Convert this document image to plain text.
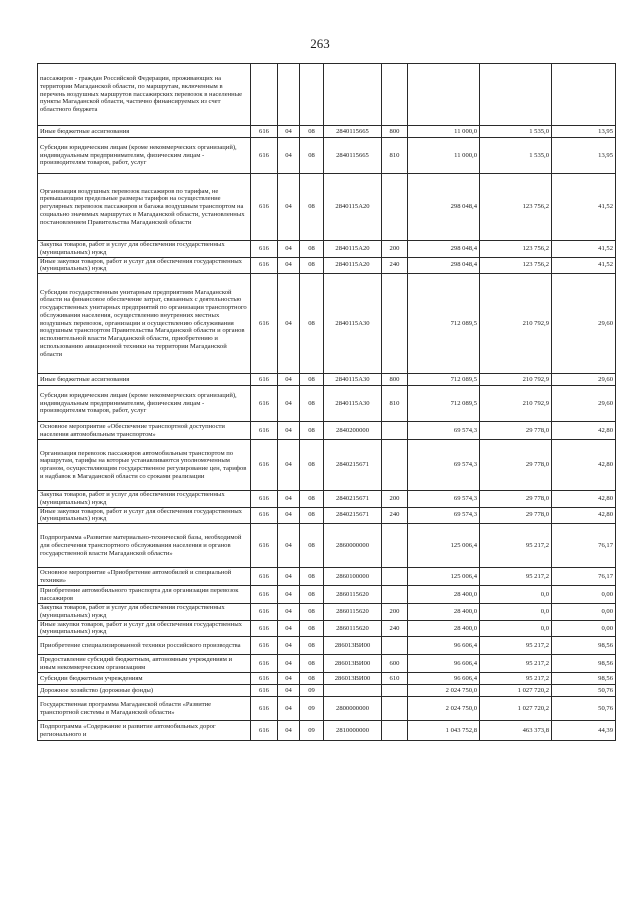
263
пассажиров - граждан Российской Федерации, проживающих на территории Магаданской области, по маршрутам, включенным в перечень воздушных маршрутов пассажирских перевозок в населенные пункты Магаданской области, частично финансируемых из счет областного бюджета								
Иные бюджетные ассигнования	616	04	08	2840115665	800	11 000,0	1 535,0	13,95
Субсидии юридическим лицам (кроме некоммерческих организаций), индивидуальным предпринимателям, физическим лицам - производителям товаров, работ, услуг	616	04	08	2840115665	810	11 000,0	1 535,0	13,95
Организация воздушных перевозок пассажиров по тарифам, не превышающим предельные размеры тарифов на осуществление регулярных перевозок пассажиров и багажа воздушным транспортом на социально значимых маршрутах в Магаданской области, установленных постановлением Правительства Магаданской области	616	04	08	2840115А20		298 048,4	123 756,2	41,52
Закупка товаров, работ и услуг для обеспечения государственных (муниципальных) нужд	616	04	08	2840115А20	200	298 048,4	123 756,2	41,52
Иные закупки товаров, работ и услуг для обеспечения государственных (муниципальных) нужд	616	04	08	2840115А20	240	298 048,4	123 756,2	41,52
Субсидии государственным унитарным предприятиям Магаданской области на финансовое обеспечение затрат, связанных с деятельностью государственных унитарных предприятий по организации транспортного обслуживания населения, осуществлению внутренних местных воздушных перевозок, организации и осуществлению обслуживания воздушным транспортом Правительства Магаданской области и органов исполнительной власти Магаданской области, приобретению и использованию авиационной техники на территории Магаданской области	616	04	08	2840115А30		712 089,5	210 792,9	29,60
Иные бюджетные ассигнования	616	04	08	2840115А30	800	712 089,5	210 792,9	29,60
Субсидии юридическим лицам (кроме некоммерческих организаций), индивидуальным предпринимателям, физическим лицам - производителям товаров, работ, услуг	616	04	08	2840115А30	810	712 089,5	210 792,9	29,60
Основное мероприятие «Обеспечение транспортной доступности населения автомобильным транспортом»	616	04	08	2840200000		69 574,3	29 778,0	42,80
Организация перевозок пассажиров автомобильным транспортом по маршрутам, тарифы на которые устанавливаются уполномоченным органом, осуществляющим государственное регулирование цен, тарифов и надбавок в Магаданской области со сроками реализации	616	04	08	2840215671		69 574,3	29 778,0	42,80
Закупка товаров, работ и услуг для обеспечения государственных (муниципальных) нужд	616	04	08	2840215671	200	69 574,3	29 778,0	42,80
Иные закупки товаров, работ и услуг для обеспечения государственных (муниципальных) нужд	616	04	08	2840215671	240	69 574,3	29 778,0	42,80
Подпрограмма «Развитие материально-технической базы, необходимой для обеспечения транспортного обслуживания населения и органов государственной власти Магаданской области»	616	04	08	2860000000		125 006,4	95 217,2	76,17
Основное мероприятие «Приобретение автомобилей и специальной техники»	616	04	08	2860100000		125 006,4	95 217,2	76,17
Приобретение автомобильного транспорта для организации перевозок пассажиров	616	04	08	2860115620		28 400,0	0,0	0,00
Закупка товаров, работ и услуг для обеспечения государственных (муниципальных) нужд	616	04	08	2860115620	200	28 400,0	0,0	0,00
Иные закупки товаров, работ и услуг для обеспечения государственных (муниципальных) нужд	616	04	08	2860115620	240	28 400,0	0,0	0,00
Приобретение специализированной техники российского производства	616	04	08	286013ВИ00		96 606,4	95 217,2	98,56
Предоставление субсидий бюджетным, автономным учреждениям и иным некоммерческим организациям	616	04	08	286013ВИ00	600	96 606,4	95 217,2	98,56
Субсидии бюджетным учреждениям	616	04	08	286013ВИ00	610	96 606,4	95 217,2	98,56
Дорожное хозяйство (дорожные фонды)	616	04	09			2 024 750,0	1 027 720,2	50,76
Государственная программа Магаданской области «Развитие транспортной системы в Магаданской области»	616	04	09	2800000000		2 024 750,0	1 027 720,2	50,76
Подпрограмма «Содержание и развитие автомобильных дорог регионального и	616	04	09	2810000000		1 043 752,8	463 373,8	44,39
